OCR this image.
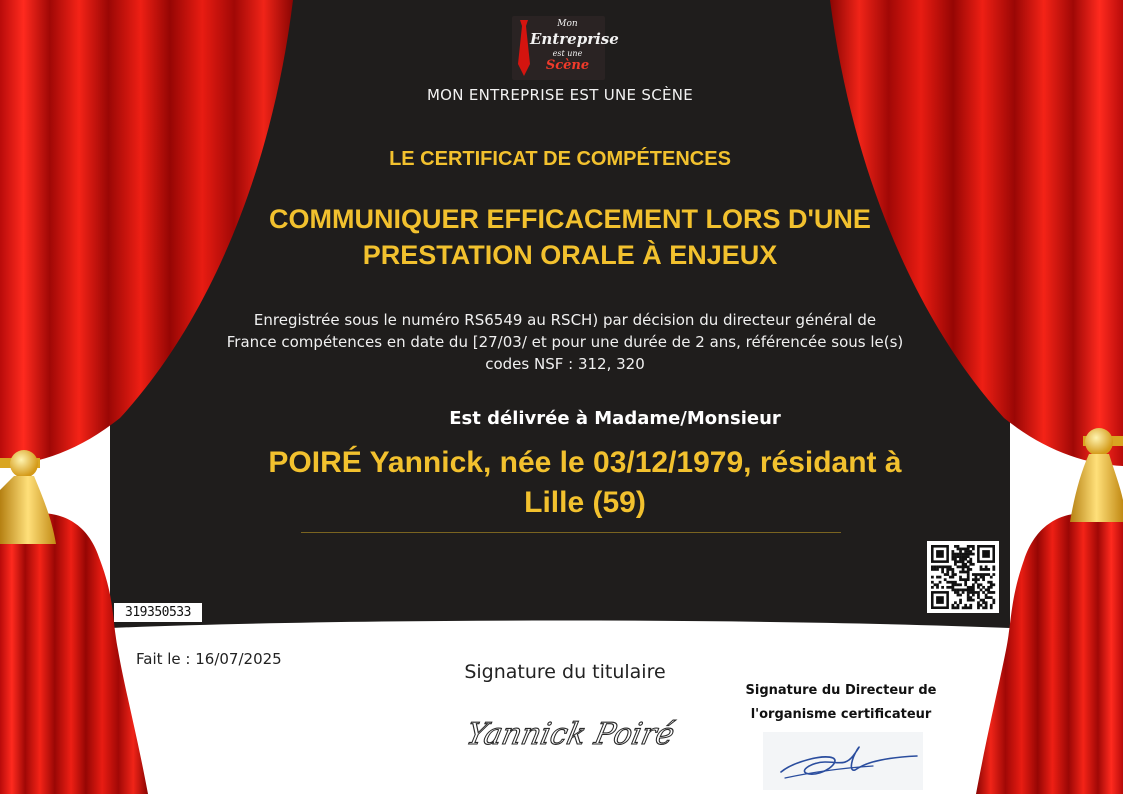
Mon
Entreprise
est une
Scène
MON ENTREPRISE EST UNE SCÈNE
LE CERTIFICAT DE COMPÉTENCES
COMMUNIQUER EFFICACEMENT LORS D'UNE
PRESTATION ORALE À ENJEUX
Enregistrée sous le numéro RS6549 au RSCH) par décision du directeur général de
France compétences en date du [27/03/ et pour une durée de 2 ans, référencée sous le(s)
codes NSF : 312, 320
Est délivrée à Madame/Monsieur
POIRÉ Yannick, née le 03/12/1979, résidant à
Lille (59)
319350533
Fait le : 16/07/2025
Signature du titulaire
Yannick Poiré
Signature du Directeur de
l'organisme certificateur
